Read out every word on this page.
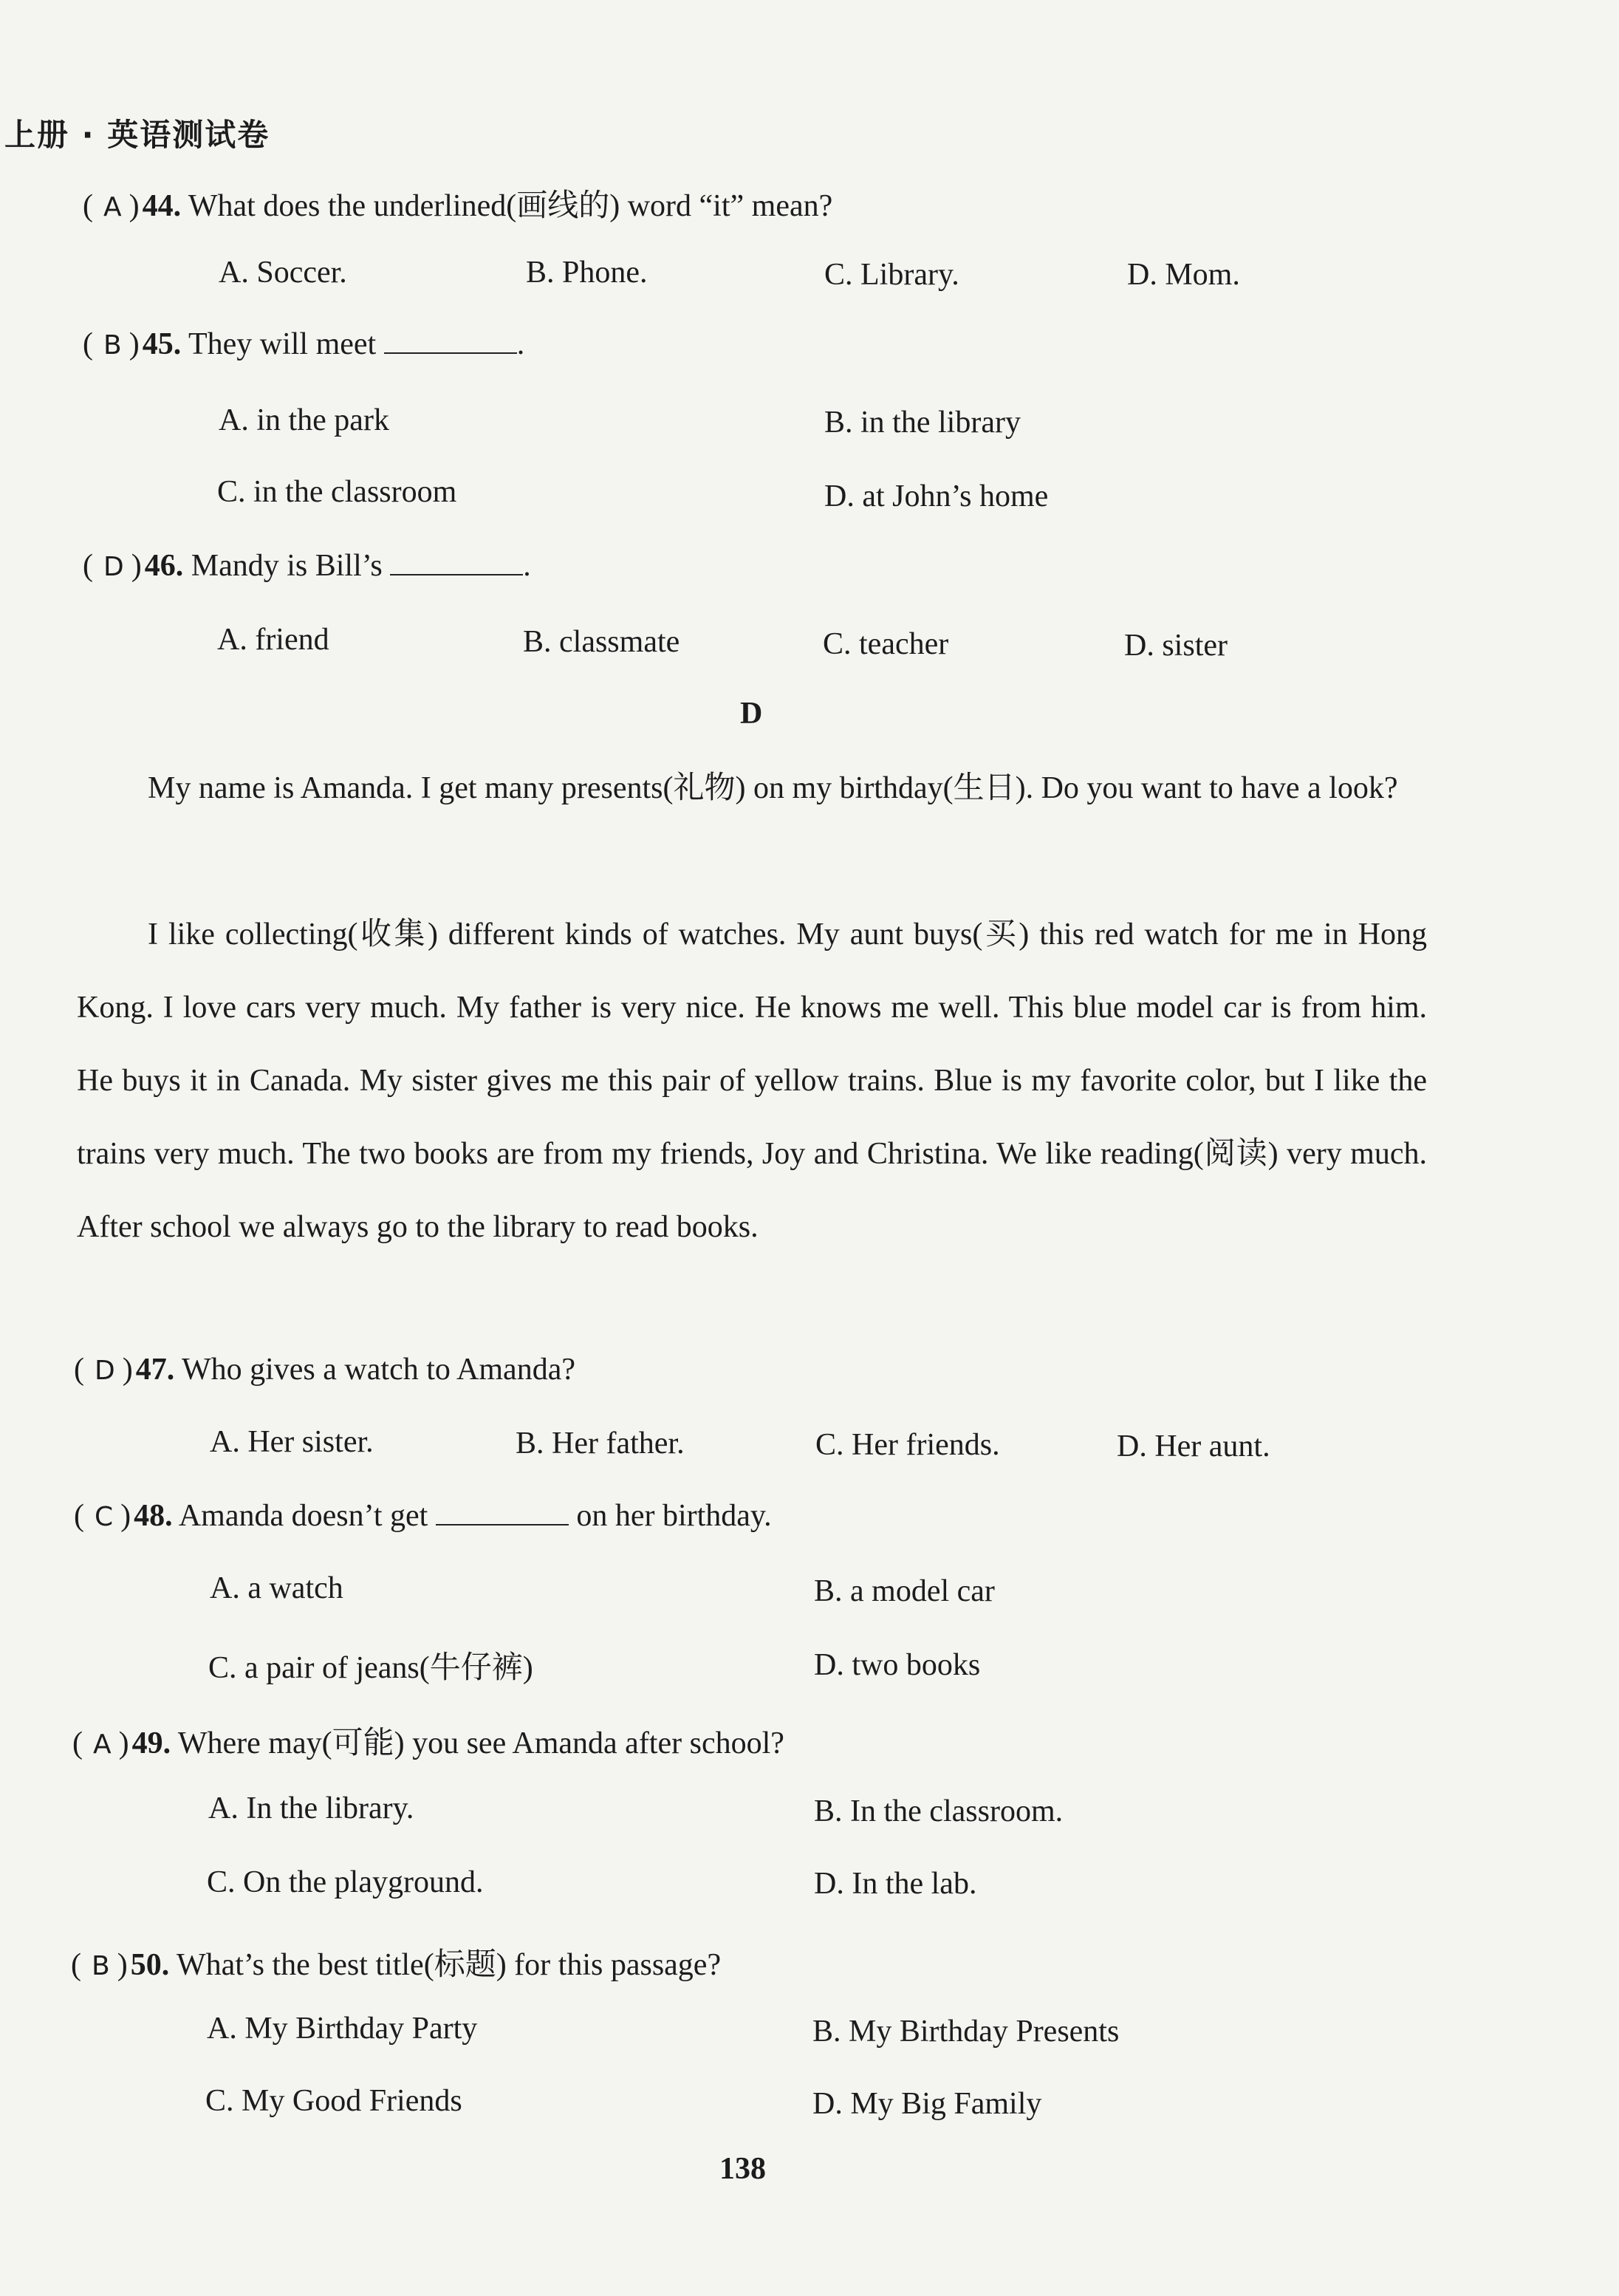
上册 · 英语测试卷
( A )44. What does the underlined(画线的) word “it” mean?
A. Soccer.	B. Phone.	C. Library.	D. Mom.
( B )45. They will meet	.
A. in the park	B. in the library
C. in the classroom	D. at John’s home
( D )46. Mandy is Bill’s	.
A. friend	B. classmate	C. teacher	D. sister
D
My name is Amanda. I get many presents(礼物) on my birthday(生日). Do you want to have a look?
I like collecting(收集) different kinds of watches. My aunt buys(买) this red watch for me in Hong Kong. I love cars very much. My father is very nice. He knows me well. This blue model car is from him. He buys it in Canada. My sister gives me this pair of yellow trains. Blue is my favorite color, but I like the trains very much. The two books are from my friends, Joy and Christina. We like reading(阅读) very much. After school we always go to the library to read books.
( D )47. Who gives a watch to Amanda?
A. Her sister.	B. Her father.	C. Her friends.	D. Her aunt.
( C )48. Amanda doesn’t get	on her birthday.
A. a watch	B. a model car
C. a pair of jeans(牛仔裤)	D. two books
( A )49. Where may(可能) you see Amanda after school?
A. In the library.	B. In the classroom.
C. On the playground.	D. In the lab.
( B )50. What’s the best title(标题) for this passage?
A. My Birthday Party	B. My Birthday Presents
C. My Good Friends	D. My Big Family
138
